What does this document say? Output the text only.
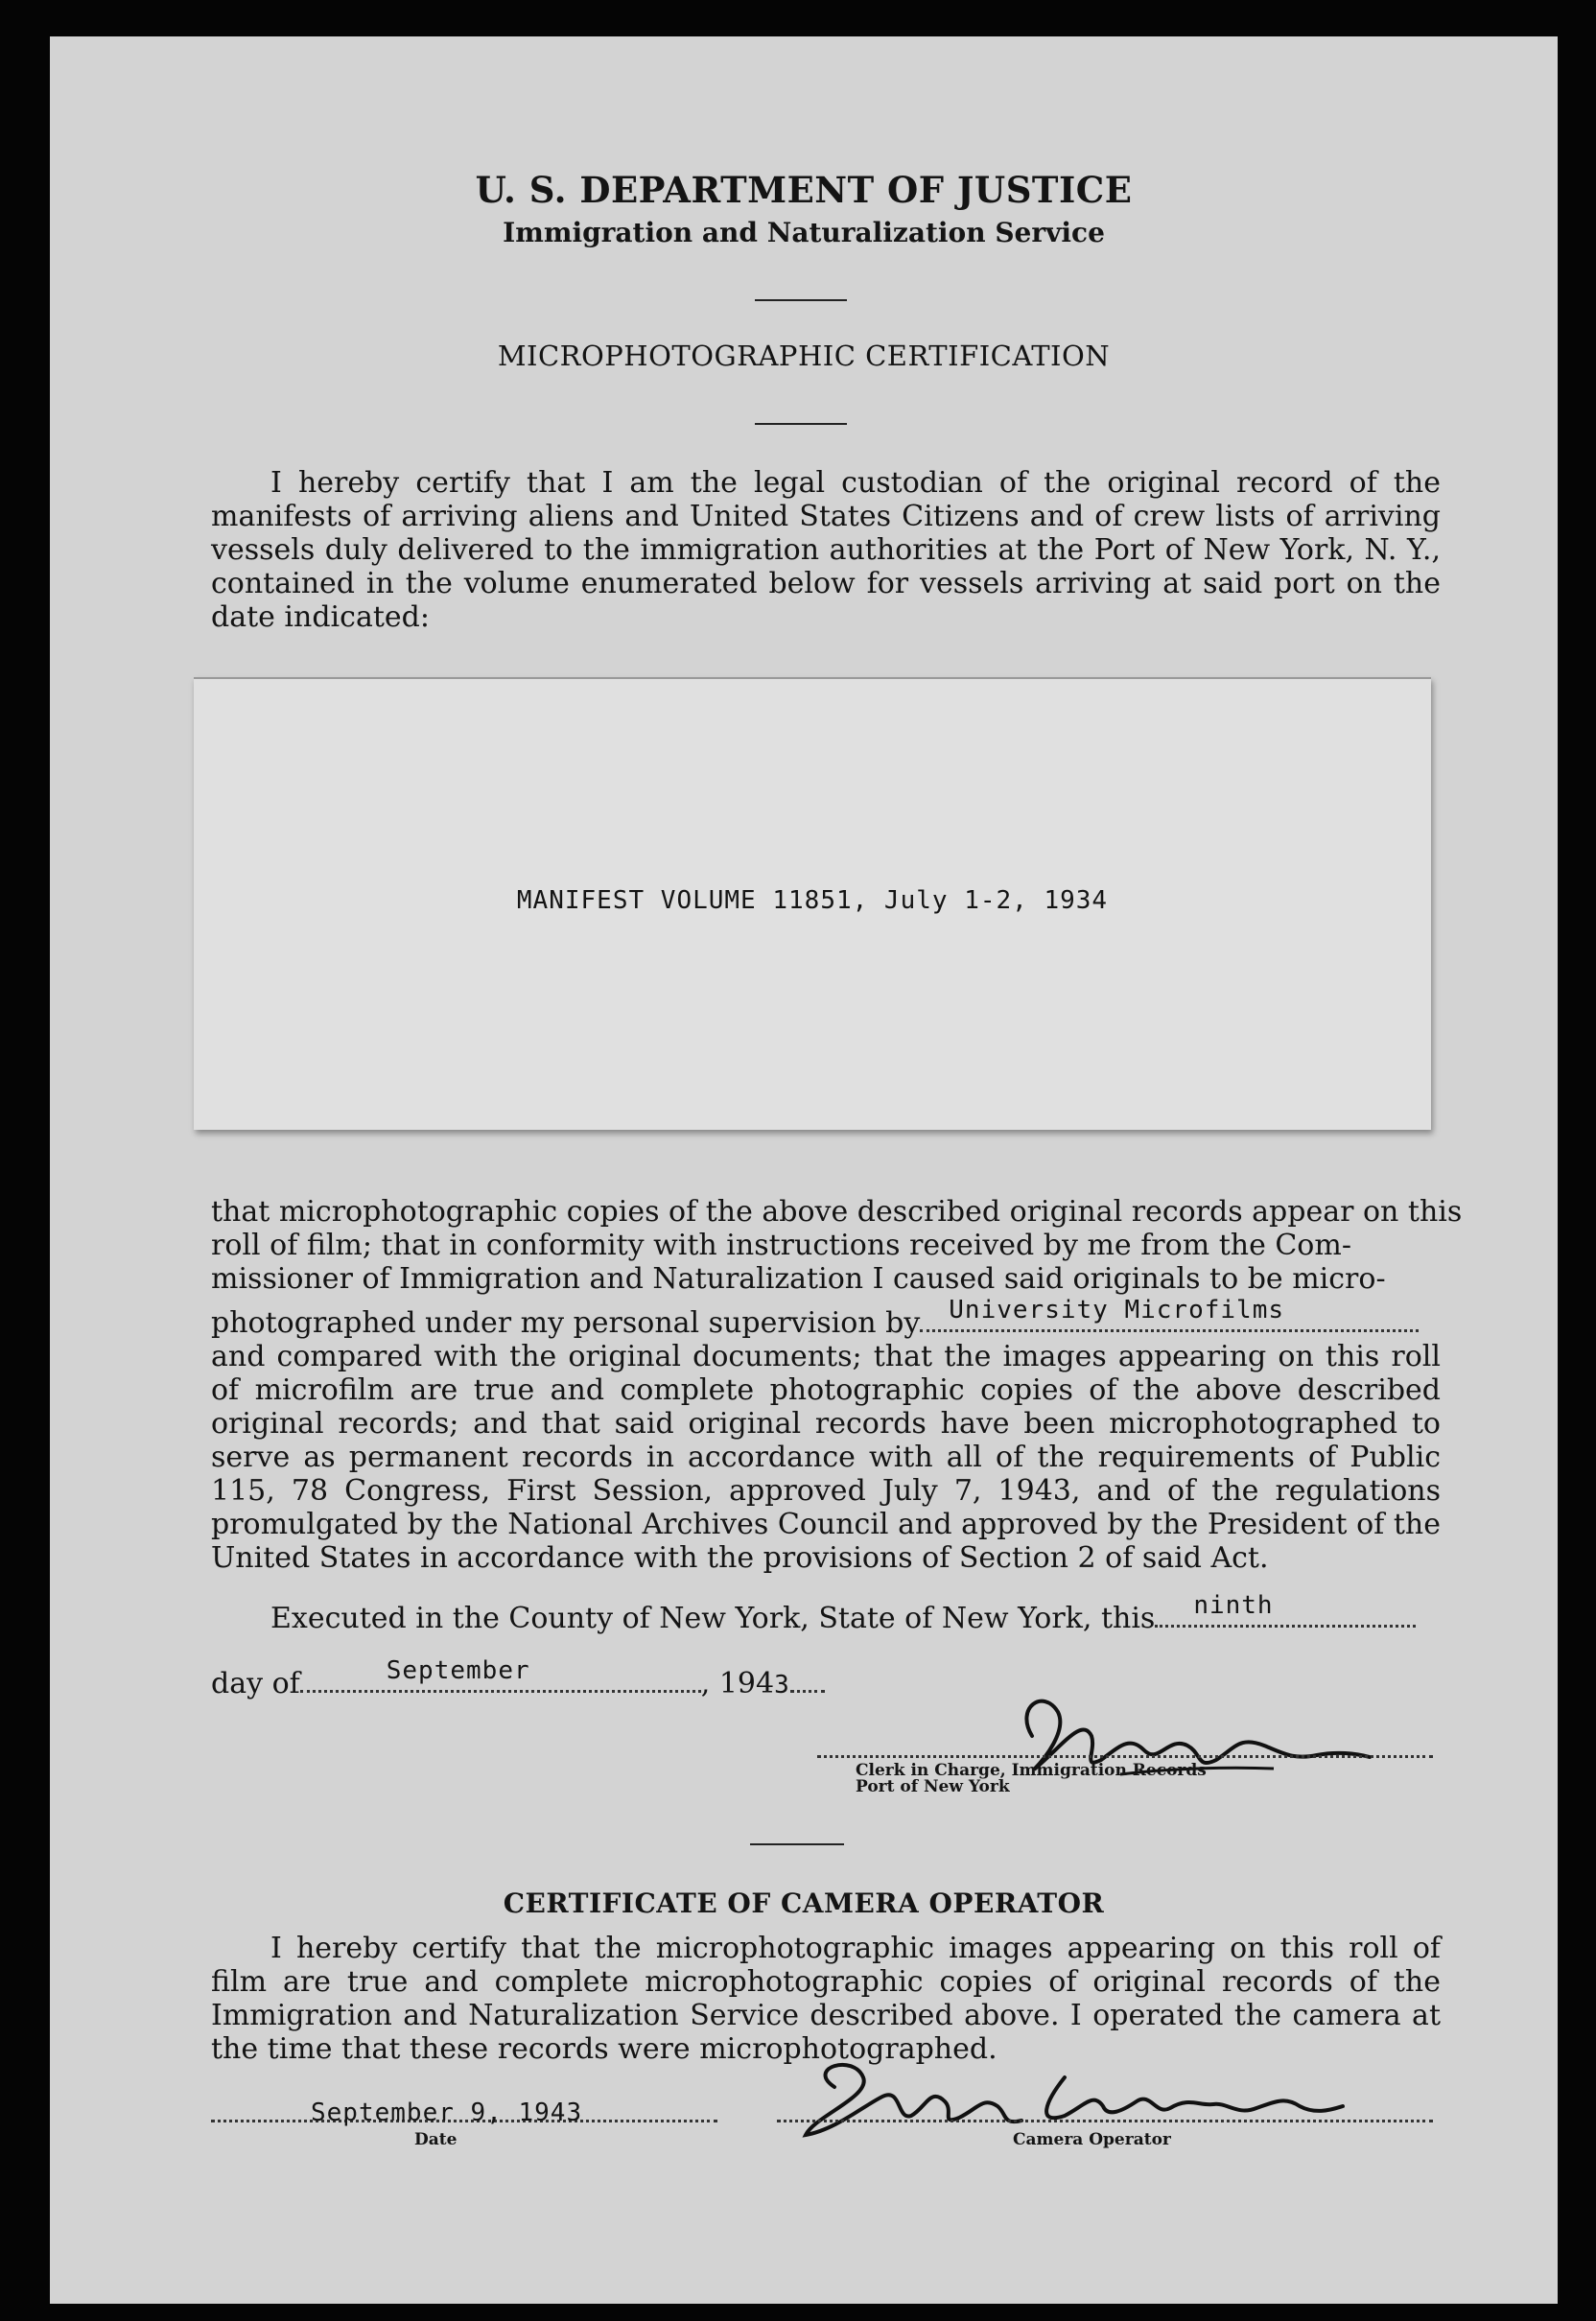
U. S. DEPARTMENT OF JUSTICE
Immigration and Naturalization Service
MICROPHOTOGRAPHIC CERTIFICATION

I hereby certify that I am the legal custodian of the original record of the manifests of arriving aliens and United States Citizens and of crew lists of arriving vessels duly delivered to the immigration authorities at the Port of New York, N. Y., contained in the volume enumerated below for vessels arriving at said port on the date indicated:

MANIFEST VOLUME 11851, July 1-2, 1934
that microphotographic copies of the above described original records appear on this
roll of film; that in conformity with instructions received by me from the Com-
missioner of Immigration and Naturalization I caused said originals to be micro-
photographed under my personal supervision by University Microfilms

and compared with the original documents; that the images appearing on this roll of microfilm are true and complete photographic copies of the above described original records; and that said original records have been microphotographed to serve as permanent records in accordance with all of the requirements of Public 115, 78 Congress, First Session, approved July 7, 1943, and of the regulations promulgated by the National Archives Council and approved by the President of the United States in accordance with the provisions of Section 2 of said Act.

Executed in the County of New York, State of New York, this ninth
day of	September	, 1943
Clerk in Charge, Immigration Records
Port of New York
CERTIFICATE OF CAMERA OPERATOR

I hereby certify that the microphotographic images appearing on this roll of film are true and complete microphotographic copies of original records of the Immigration and Naturalization Service described above. I operated the camera at the time that these records were microphotographed.

September 9, 1943
Date	Camera Operator
